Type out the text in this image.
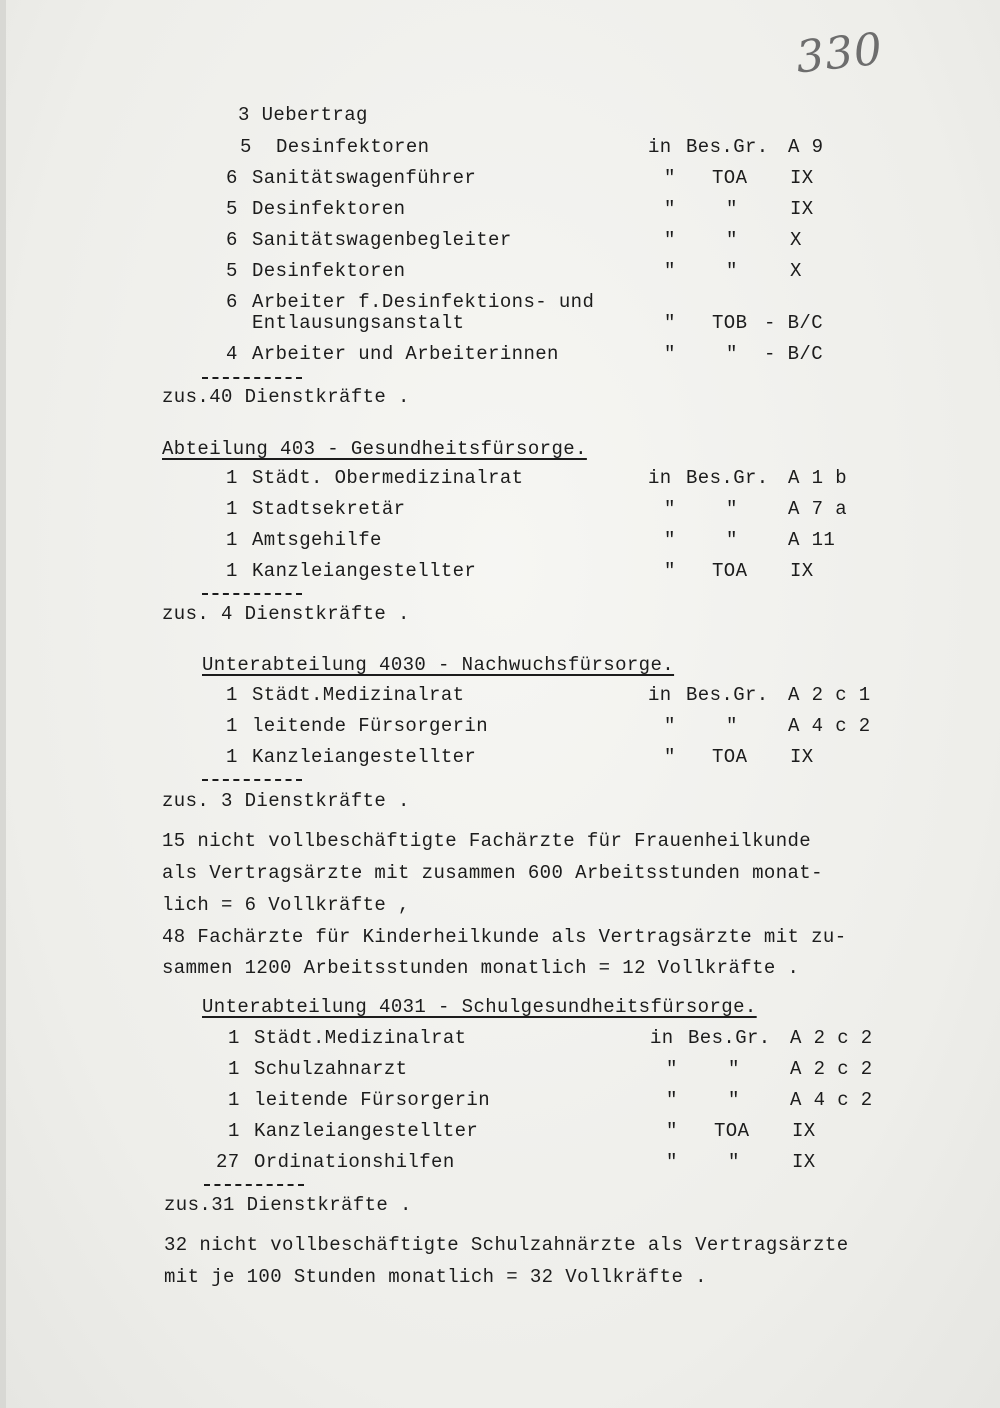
330
3 Uebertrag
5 Desinfektoren	in Bes.Gr. A 9
6 Sanitätswagenführer	" TOA IX
5 Desinfektoren	"	"	IX
6 Sanitätswagenbegleiter	"	"	X
5 Desinfektoren	"	"	X
6 Arbeiter f.Desinfektions- und
Entlausungsanstalt	" TOB - B/C
4 Arbeiter und Arbeiterinnen	"	" - B/C
zus.40 Dienstkräfte .
Abteilung 403 - Gesundheitsfürsorge.
1 Städt. Obermedizinalrat	in Bes.Gr. A 1 b
1 Stadtsekretär	"	"	A 7 a
1 Amtsgehilfe	"	"	A 11
1 Kanzleiangestellter	" TOA IX
zus. 4 Dienstkräfte .
Unterabteilung 4030 - Nachwuchsfürsorge.
1 Städt.Medizinalrat	in Bes.Gr. A 2 c 1
1 leitende Fürsorgerin	"	"	A 4 c 2
1 Kanzleiangestellter	" TOA IX
zus. 3 Dienstkräfte .
15 nicht vollbeschäftigte Fachärzte für Frauenheilkunde
als Vertragsärzte mit zusammen 600 Arbeitsstunden monat-
lich = 6 Vollkräfte ,
48 Fachärzte für Kinderheilkunde als Vertragsärzte mit zu-
sammen 1200 Arbeitsstunden monatlich = 12 Vollkräfte .
Unterabteilung 4031 - Schulgesundheitsfürsorge.
1 Städt.Medizinalrat	in Bes.Gr. A 2 c 2
1 Schulzahnarzt	"	"	A 2 c 2
1 leitende Fürsorgerin	"	"	A 4 c 2
1 Kanzleiangestellter	" TOA IX
27 Ordinationshilfen	"	"	IX
zus.31 Dienstkräfte .
32 nicht vollbeschäftigte Schulzahnärzte als Vertragsärzte
mit je 100 Stunden monatlich = 32 Vollkräfte .
